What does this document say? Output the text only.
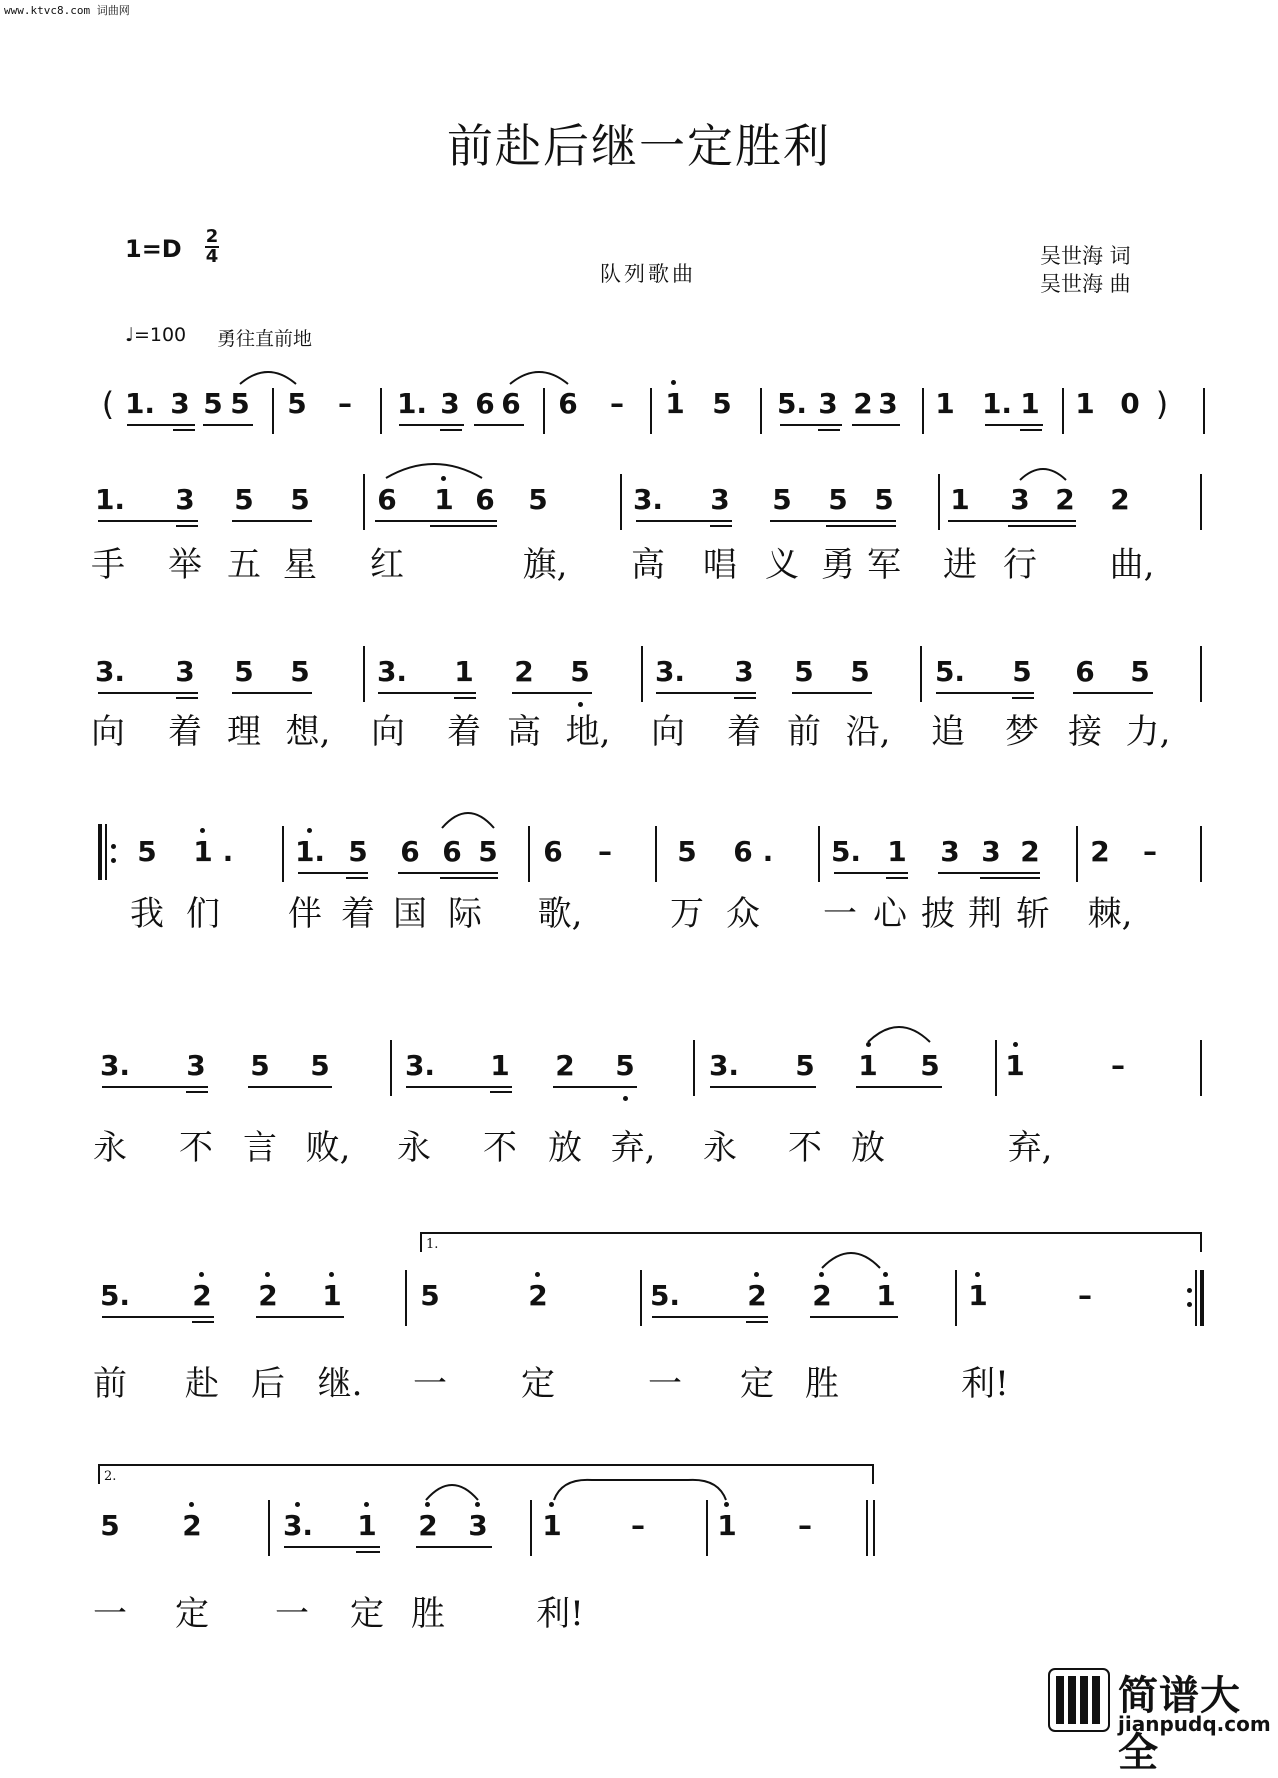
www.ktvc8.com 词曲网
前赴后继一定胜利
1=D 2
4
队列歌曲
吴世海 词
吴世海 曲
♩=100 勇往直前地
( 1. 3 5 5 5 – 1. 3 6 6 6 – 1 5 5. 3 2 3 1 1. 1 1 0 )
1. 3 5 5 6 1 6 5	3. 3 5 5 5 1 3 2 2
手 举 五 星 红	旗, 高 唱 义 勇 军 进 行 曲,
3. 3 5 5 3. 1 2 5 3. 3 5 5 5. 5 6 5
向 着 理 想, 向 着 高 地, 向 着 前 沿, 追 梦 接 力,
5 1 . 1. 5 6 6 5 6 – 5 6 . 5. 1 3 3 2 2 –
我 们 伴 着 国 际 歌,	万 众 一 心 披 荆 斩 棘,
3. 3 5 5	3. 1 2 5	3. 5 1 5 1	–
永 不 言 败, 永 不 放 弃, 永 不 放	弃,
1.
5. 2 2 1	5	2	5. 2 2 1	1	–
前 赴 后 继. 一 定	一 定 胜	利!
2.
5 2	3. 1 2 3 1 –	1 –
一 定 一 定 胜	利!
简谱大全
jianpudq.com
